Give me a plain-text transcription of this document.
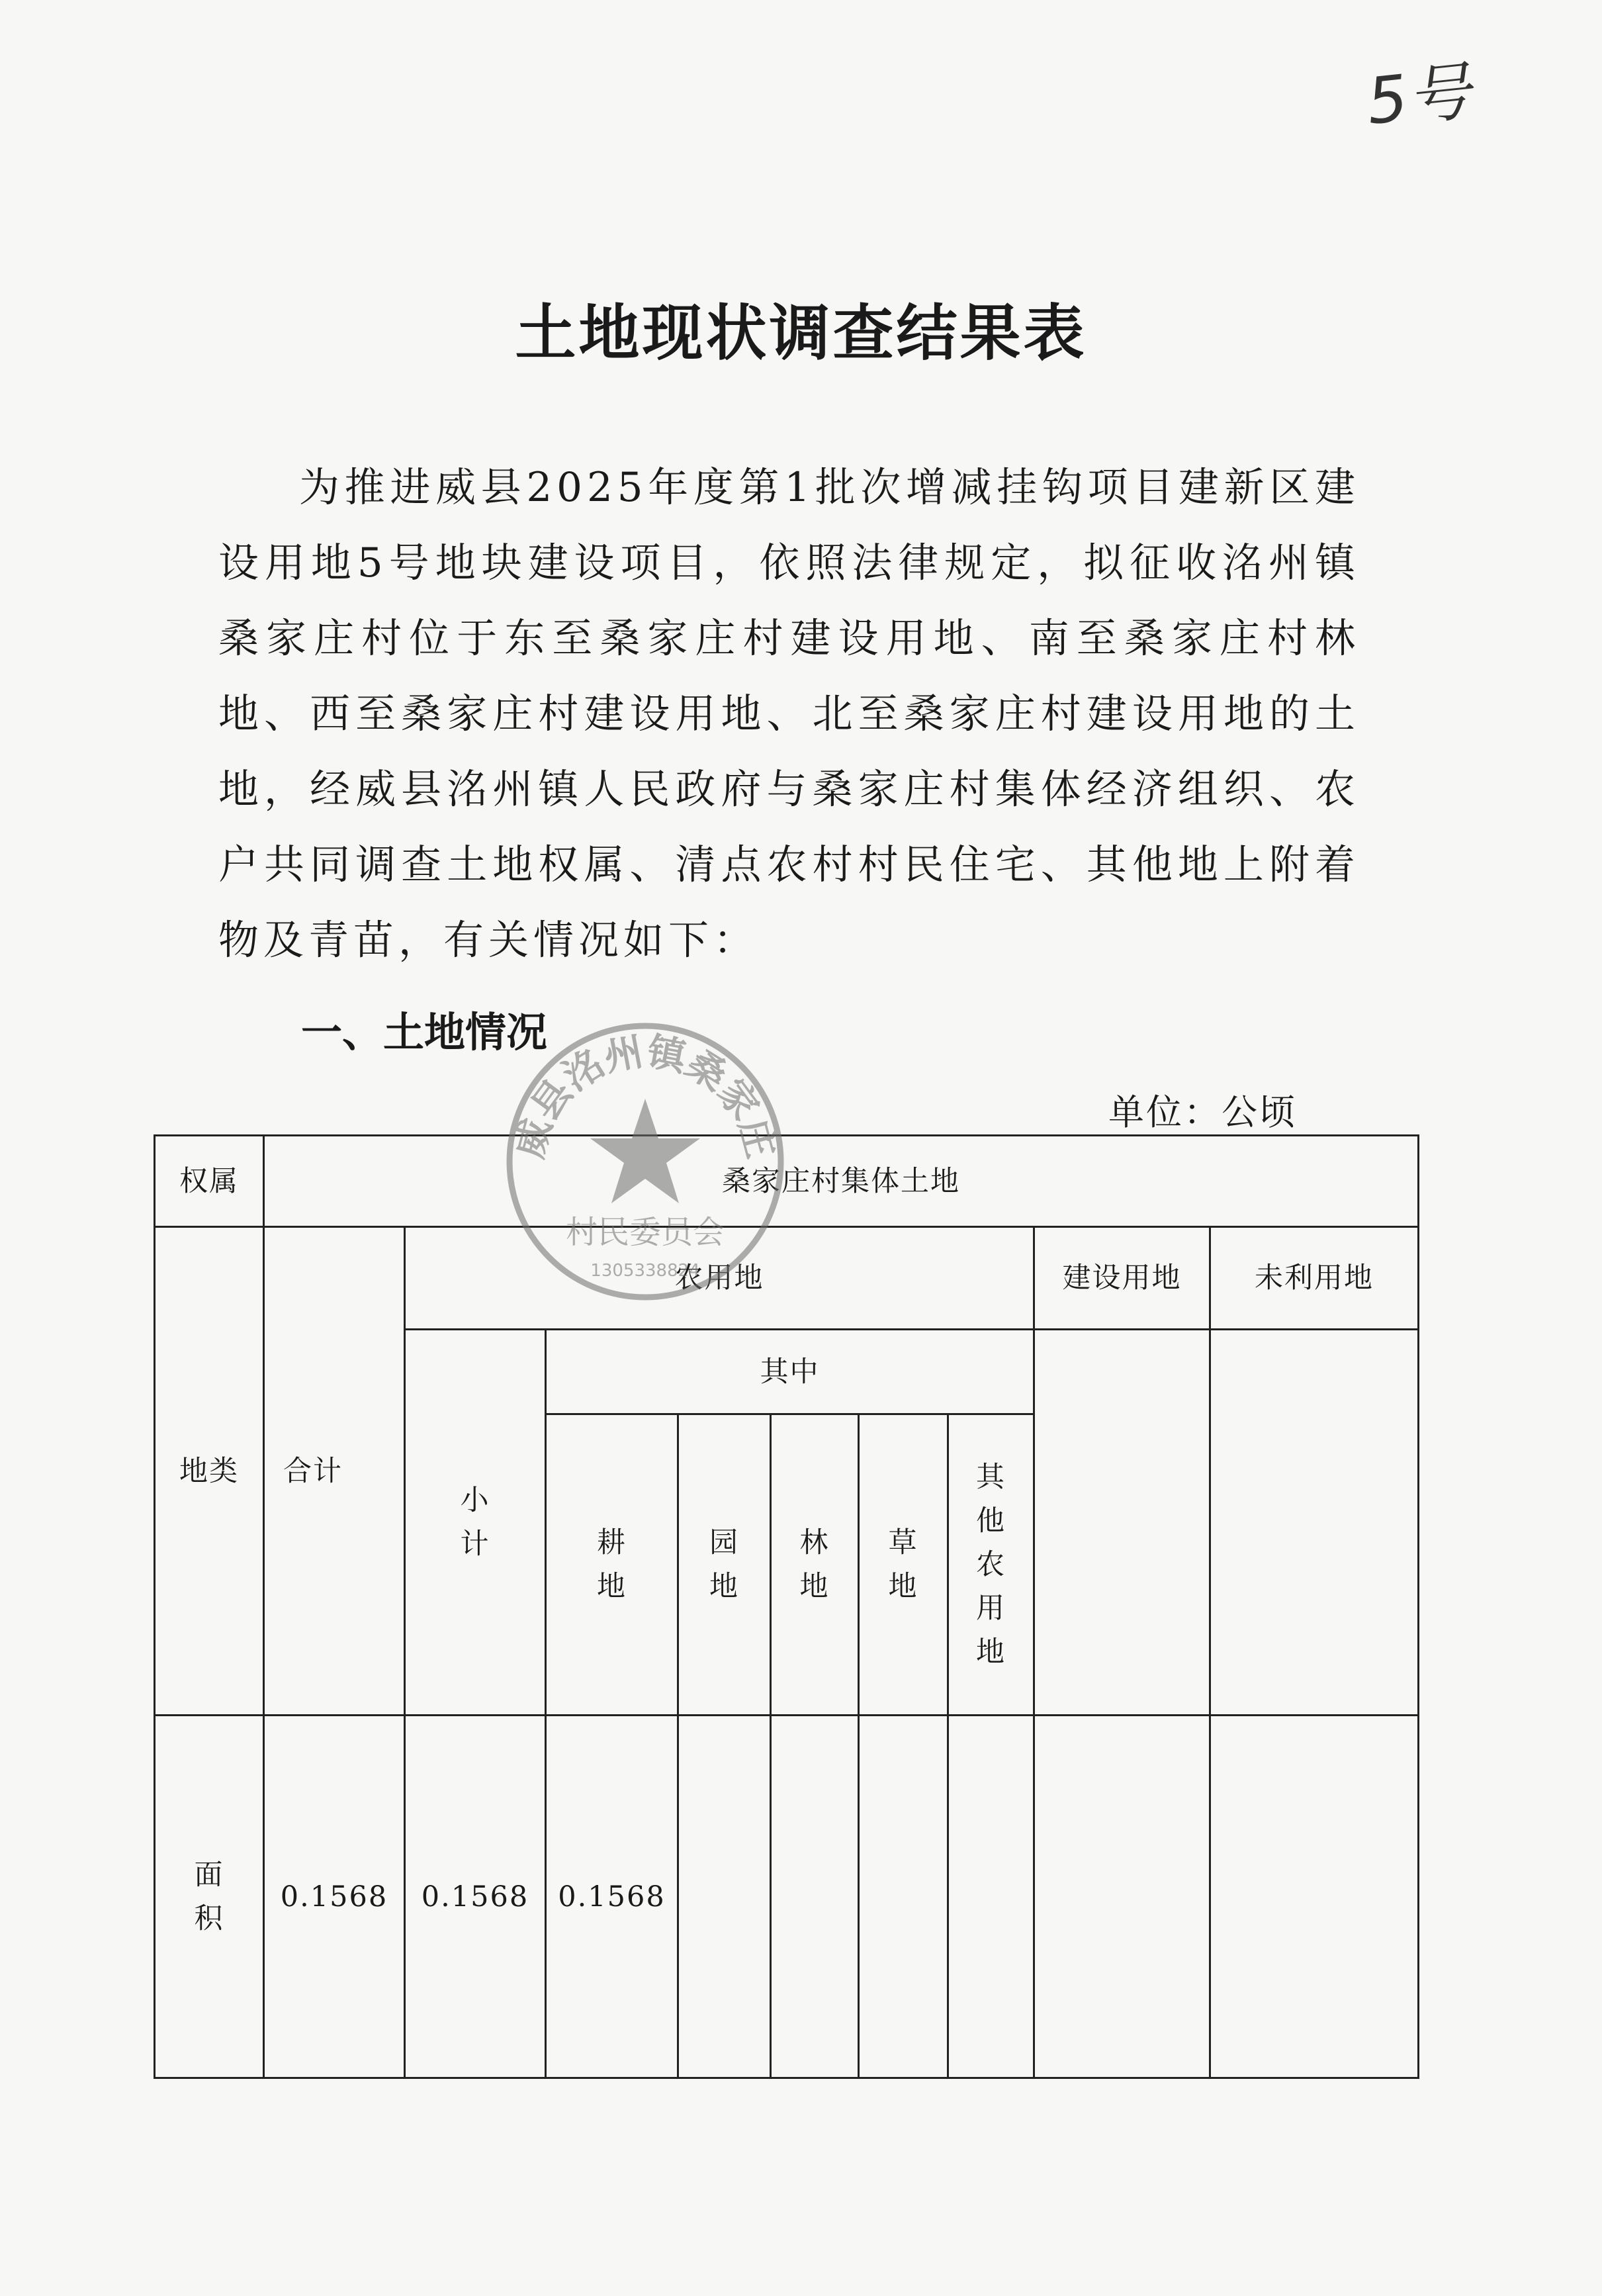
5号
土地现状调查结果表
为推进威县2025年度第1批次增减挂钩项目建新区建设用地5号地块建设项目，依照法律规定，拟征收洺州镇桑家庄村位于东至桑家庄村建设用地、南至桑家庄村林地、西至桑家庄村建设用地、北至桑家庄村建设用地的土地，经威县洺州镇人民政府与桑家庄村集体经济组织、农户共同调查土地权属、清点农村村民住宅、其他地上附着物及青苗，有关情况如下：
一、土地情况
单位：公顷
权属	桑家庄村集体土地								
地类	合计	农用地						建设用地	未利用地
		小计	其中						
			耕地	园地	林地	草地	其他农用地		

面积	0.1568	0.1568	0.1568						
威县洺州镇桑家庄
村民委员会
1305338824
